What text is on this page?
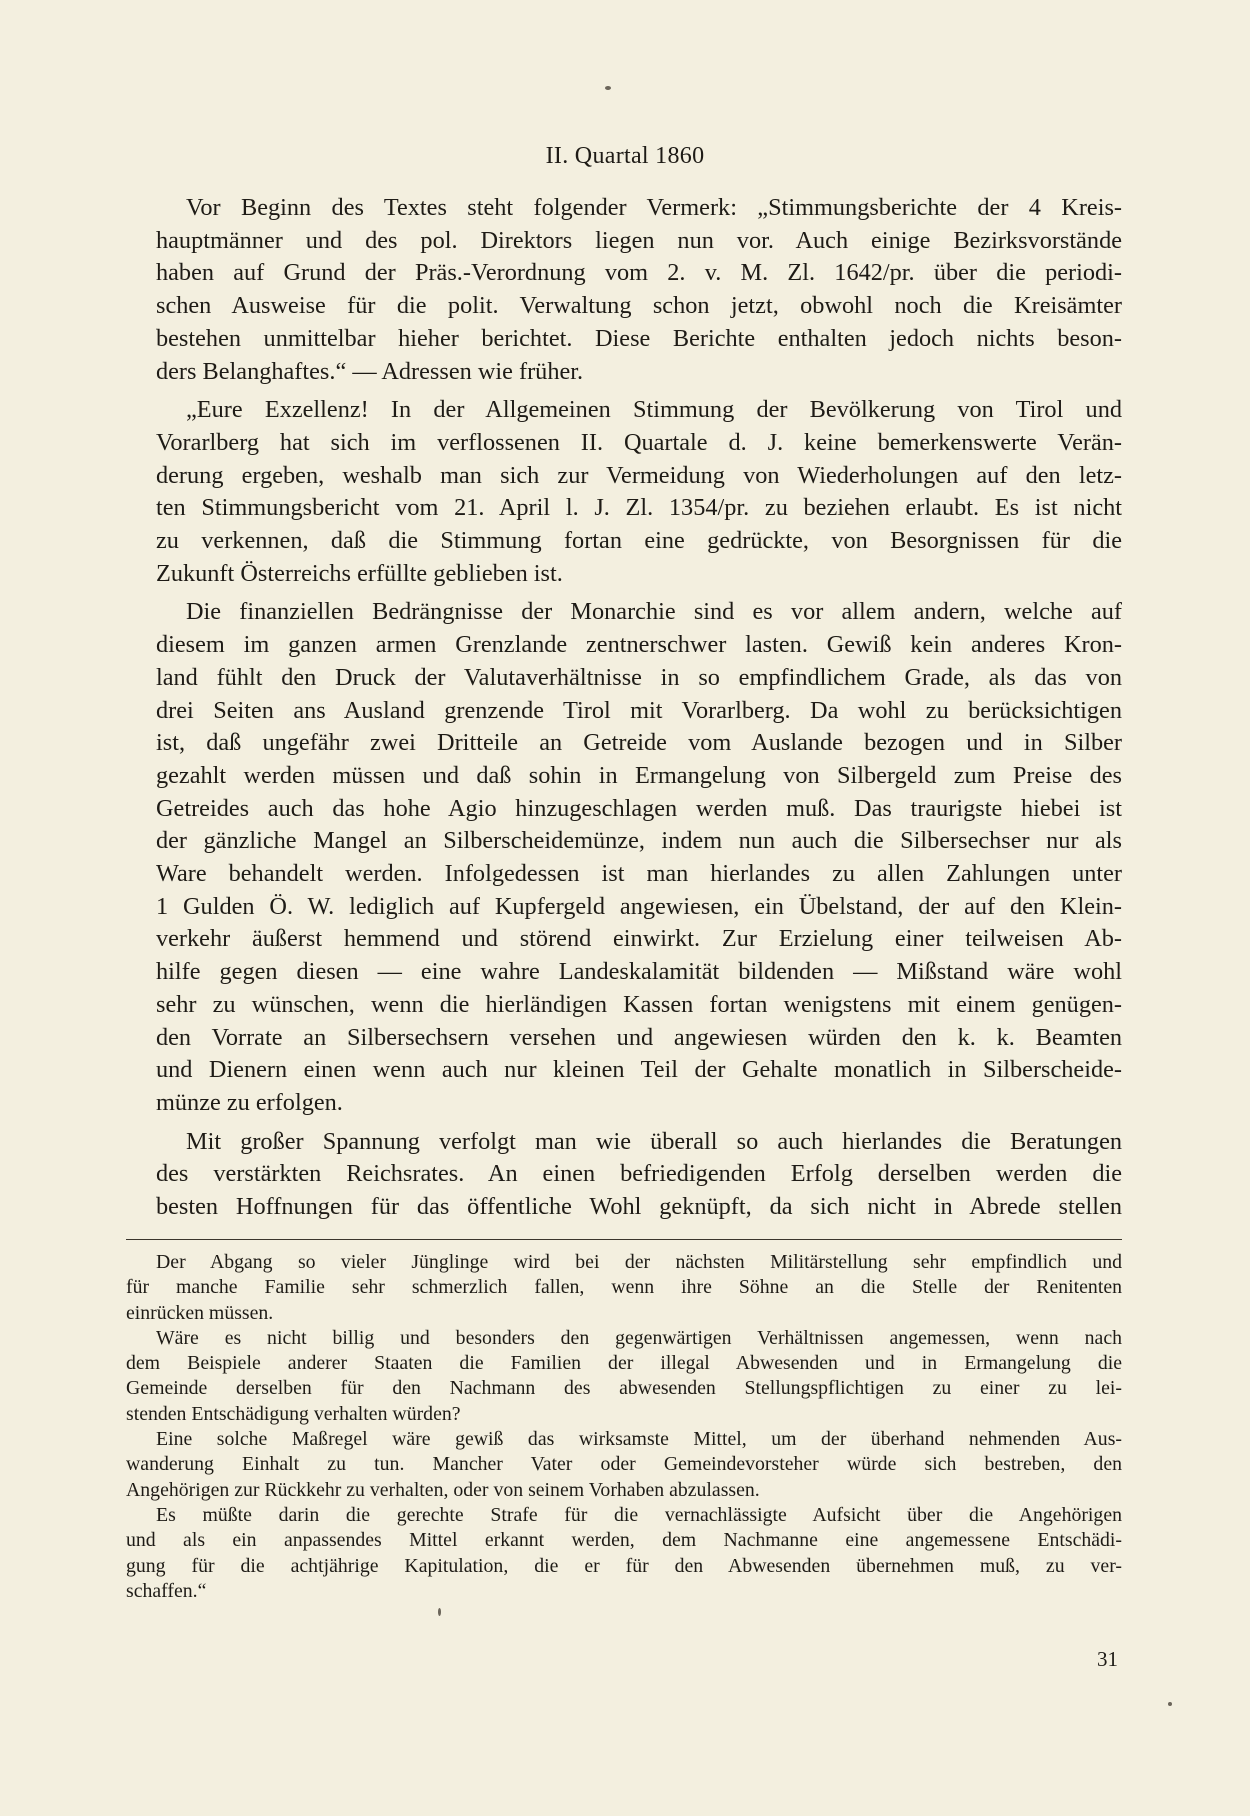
II. Quartal 1860

Vor Beginn des Textes steht folgender Vermerk: „Stimmungsberichte der 4 Kreis-
hauptmänner und des pol. Direktors liegen nun vor. Auch einige Bezirksvorstände
haben auf Grund der Präs.-Verordnung vom 2. v. M. Zl. 1642/pr. über die periodi-
schen Ausweise für die polit. Verwaltung schon jetzt, obwohl noch die Kreisämter
bestehen unmittelbar hieher berichtet. Diese Berichte enthalten jedoch nichts beson-
ders Belanghaftes.“ — Adressen wie früher.

„Eure Exzellenz! In der Allgemeinen Stimmung der Bevölkerung von Tirol und
Vorarlberg hat sich im verflossenen II. Quartale d. J. keine bemerkenswerte Verän-
derung ergeben, weshalb man sich zur Vermeidung von Wiederholungen auf den letz-
ten Stimmungsbericht vom 21. April l. J. Zl. 1354/pr. zu beziehen erlaubt. Es ist nicht
zu verkennen, daß die Stimmung fortan eine gedrückte, von Besorgnissen für die
Zukunft Österreichs erfüllte geblieben ist.

Die finanziellen Bedrängnisse der Monarchie sind es vor allem andern, welche auf
diesem im ganzen armen Grenzlande zentnerschwer lasten. Gewiß kein anderes Kron-
land fühlt den Druck der Valutaverhältnisse in so empfindlichem Grade, als das von
drei Seiten ans Ausland grenzende Tirol mit Vorarlberg. Da wohl zu berücksichtigen
ist, daß ungefähr zwei Dritteile an Getreide vom Auslande bezogen und in Silber
gezahlt werden müssen und daß sohin in Ermangelung von Silbergeld zum Preise des
Getreides auch das hohe Agio hinzugeschlagen werden muß. Das traurigste hiebei ist
der gänzliche Mangel an Silberscheidemünze, indem nun auch die Silbersechser nur als
Ware behandelt werden. Infolgedessen ist man hierlandes zu allen Zahlungen unter
1 Gulden Ö. W. lediglich auf Kupfergeld angewiesen, ein Übelstand, der auf den Klein-
verkehr äußerst hemmend und störend einwirkt. Zur Erzielung einer teilweisen Ab-
hilfe gegen diesen — eine wahre Landeskalamität bildenden — Mißstand wäre wohl
sehr zu wünschen, wenn die hierländigen Kassen fortan wenigstens mit einem genügen-
den Vorrate an Silbersechsern versehen und angewiesen würden den k. k. Beamten
und Dienern einen wenn auch nur kleinen Teil der Gehalte monatlich in Silberscheide-
münze zu erfolgen.

Mit großer Spannung verfolgt man wie überall so auch hierlandes die Beratungen
des verstärkten Reichsrates. An einen befriedigenden Erfolg derselben werden die
besten Hoffnungen für das öffentliche Wohl geknüpft, da sich nicht in Abrede stellen

Der Abgang so vieler Jünglinge wird bei der nächsten Militärstellung sehr empfindlich und
für manche Familie sehr schmerzlich fallen, wenn ihre Söhne an die Stelle der Renitenten
einrücken müssen.

Wäre es nicht billig und besonders den gegenwärtigen Verhältnissen angemessen, wenn nach
dem Beispiele anderer Staaten die Familien der illegal Abwesenden und in Ermangelung die
Gemeinde derselben für den Nachmann des abwesenden Stellungspflichtigen zu einer zu lei-
stenden Entschädigung verhalten würden?

Eine solche Maßregel wäre gewiß das wirksamste Mittel, um der überhand nehmenden Aus-
wanderung Einhalt zu tun. Mancher Vater oder Gemeindevorsteher würde sich bestreben, den
Angehörigen zur Rückkehr zu verhalten, oder von seinem Vorhaben abzulassen.

Es müßte darin die gerechte Strafe für die vernachlässigte Aufsicht über die Angehörigen
und als ein anpassendes Mittel erkannt werden, dem Nachmanne eine angemessene Entschädi-
gung für die achtjährige Kapitulation, die er für den Abwesenden übernehmen muß, zu ver-
schaffen.“

31
